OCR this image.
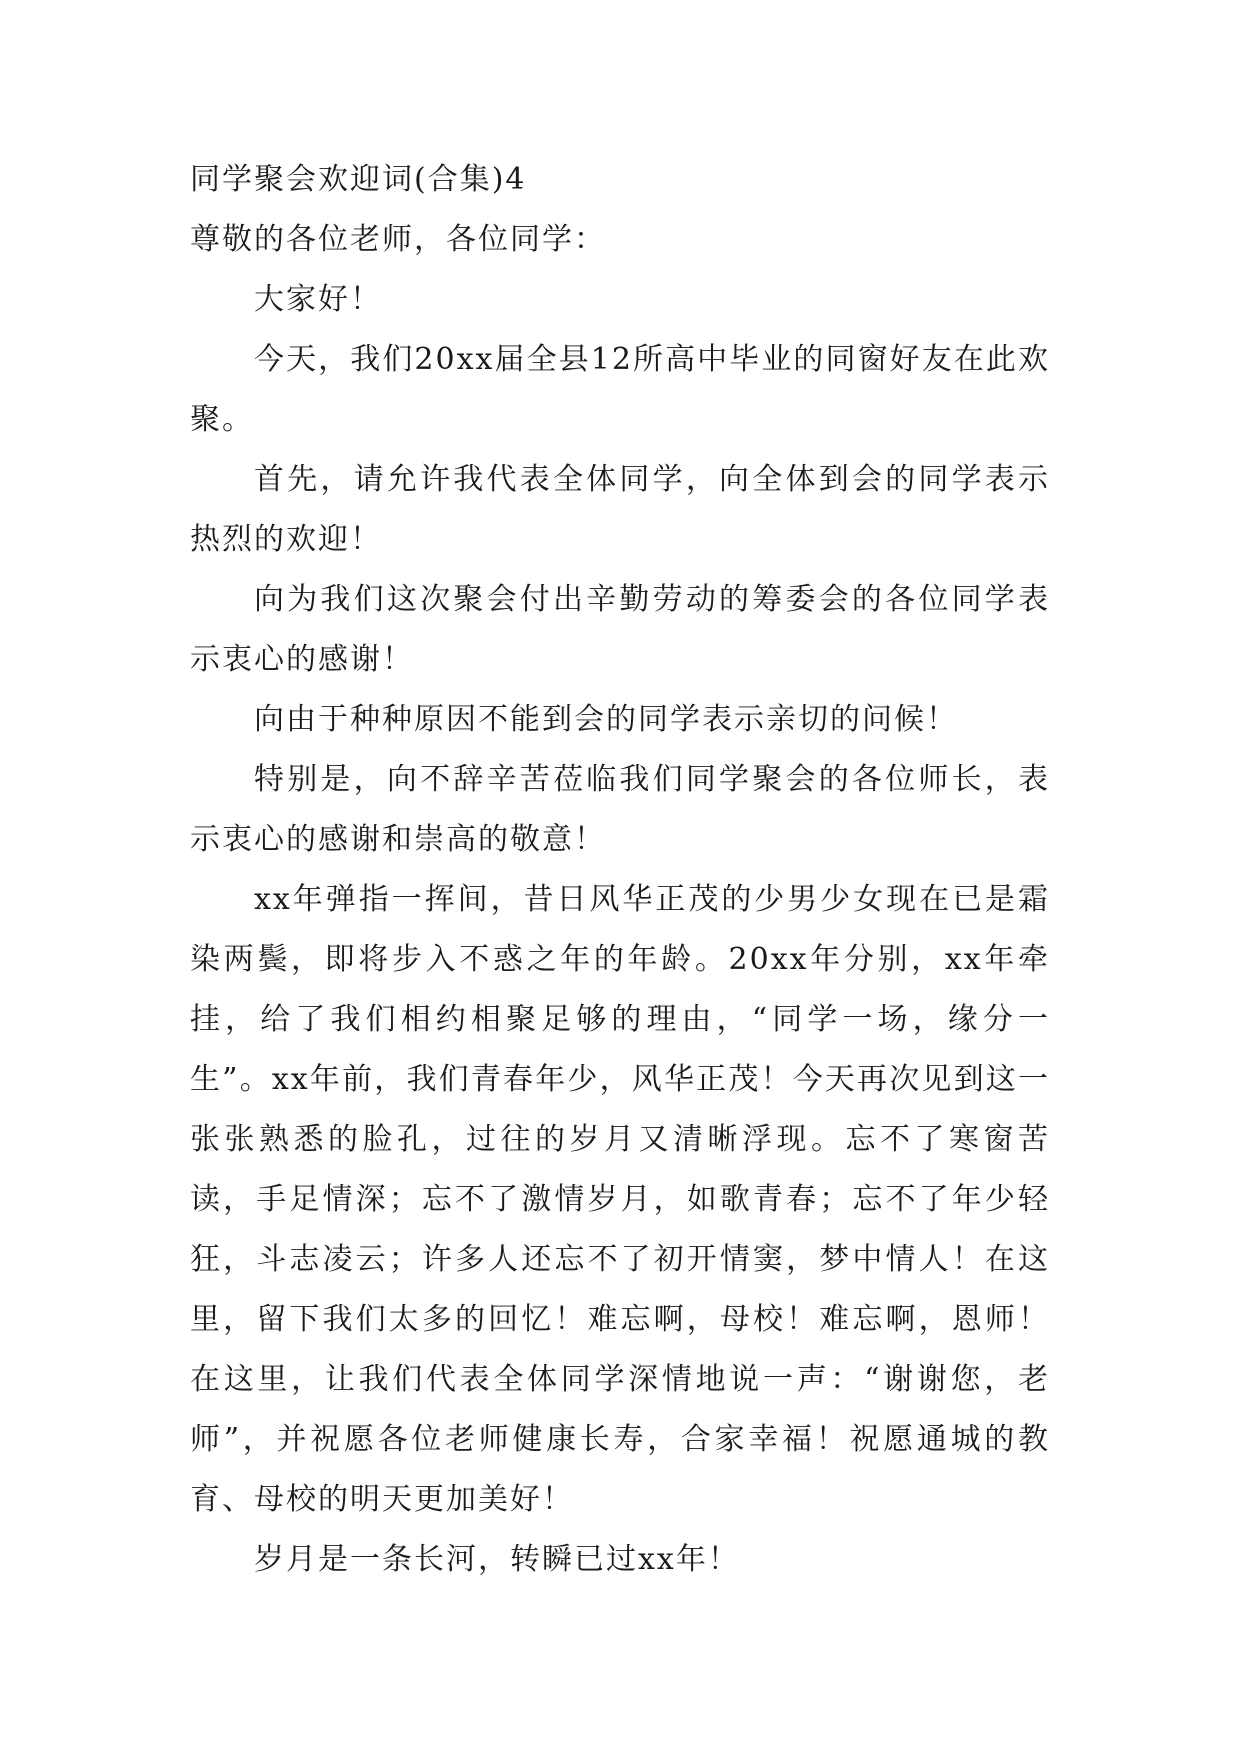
同学聚会欢迎词(合集)4

尊敬的各位老师，各位同学：

大家好！

今天，我们20xx届全县12所高中毕业的同窗好友在此欢聚。

首先，请允许我代表全体同学，向全体到会的同学表示热烈的欢迎！

向为我们这次聚会付出辛勤劳动的筹委会的各位同学表示衷心的感谢！

向由于种种原因不能到会的同学表示亲切的问候！

特别是，向不辞辛苦莅临我们同学聚会的各位师长，表示衷心的感谢和崇高的敬意！

xx年弹指一挥间，昔日风华正茂的少男少女现在已是霜染两鬓，即将步入不惑之年的年龄。20xx年分别，xx年牵挂，给了我们相约相聚足够的理由，“同学一场，缘分一生”。xx年前，我们青春年少，风华正茂！今天再次见到这一张张熟悉的脸孔，过往的岁月又清晰浮现。忘不了寒窗苦读，手足情深；忘不了激情岁月，如歌青春；忘不了年少轻狂，斗志凌云；许多人还忘不了初开情窦，梦中情人！在这里，留下我们太多的回忆！难忘啊，母校！难忘啊，恩师！在这里，让我们代表全体同学深情地说一声：“谢谢您，老师”，并祝愿各位老师健康长寿，合家幸福！祝愿通城的教育、母校的明天更加美好！

岁月是一条长河，转瞬已过xx年！
